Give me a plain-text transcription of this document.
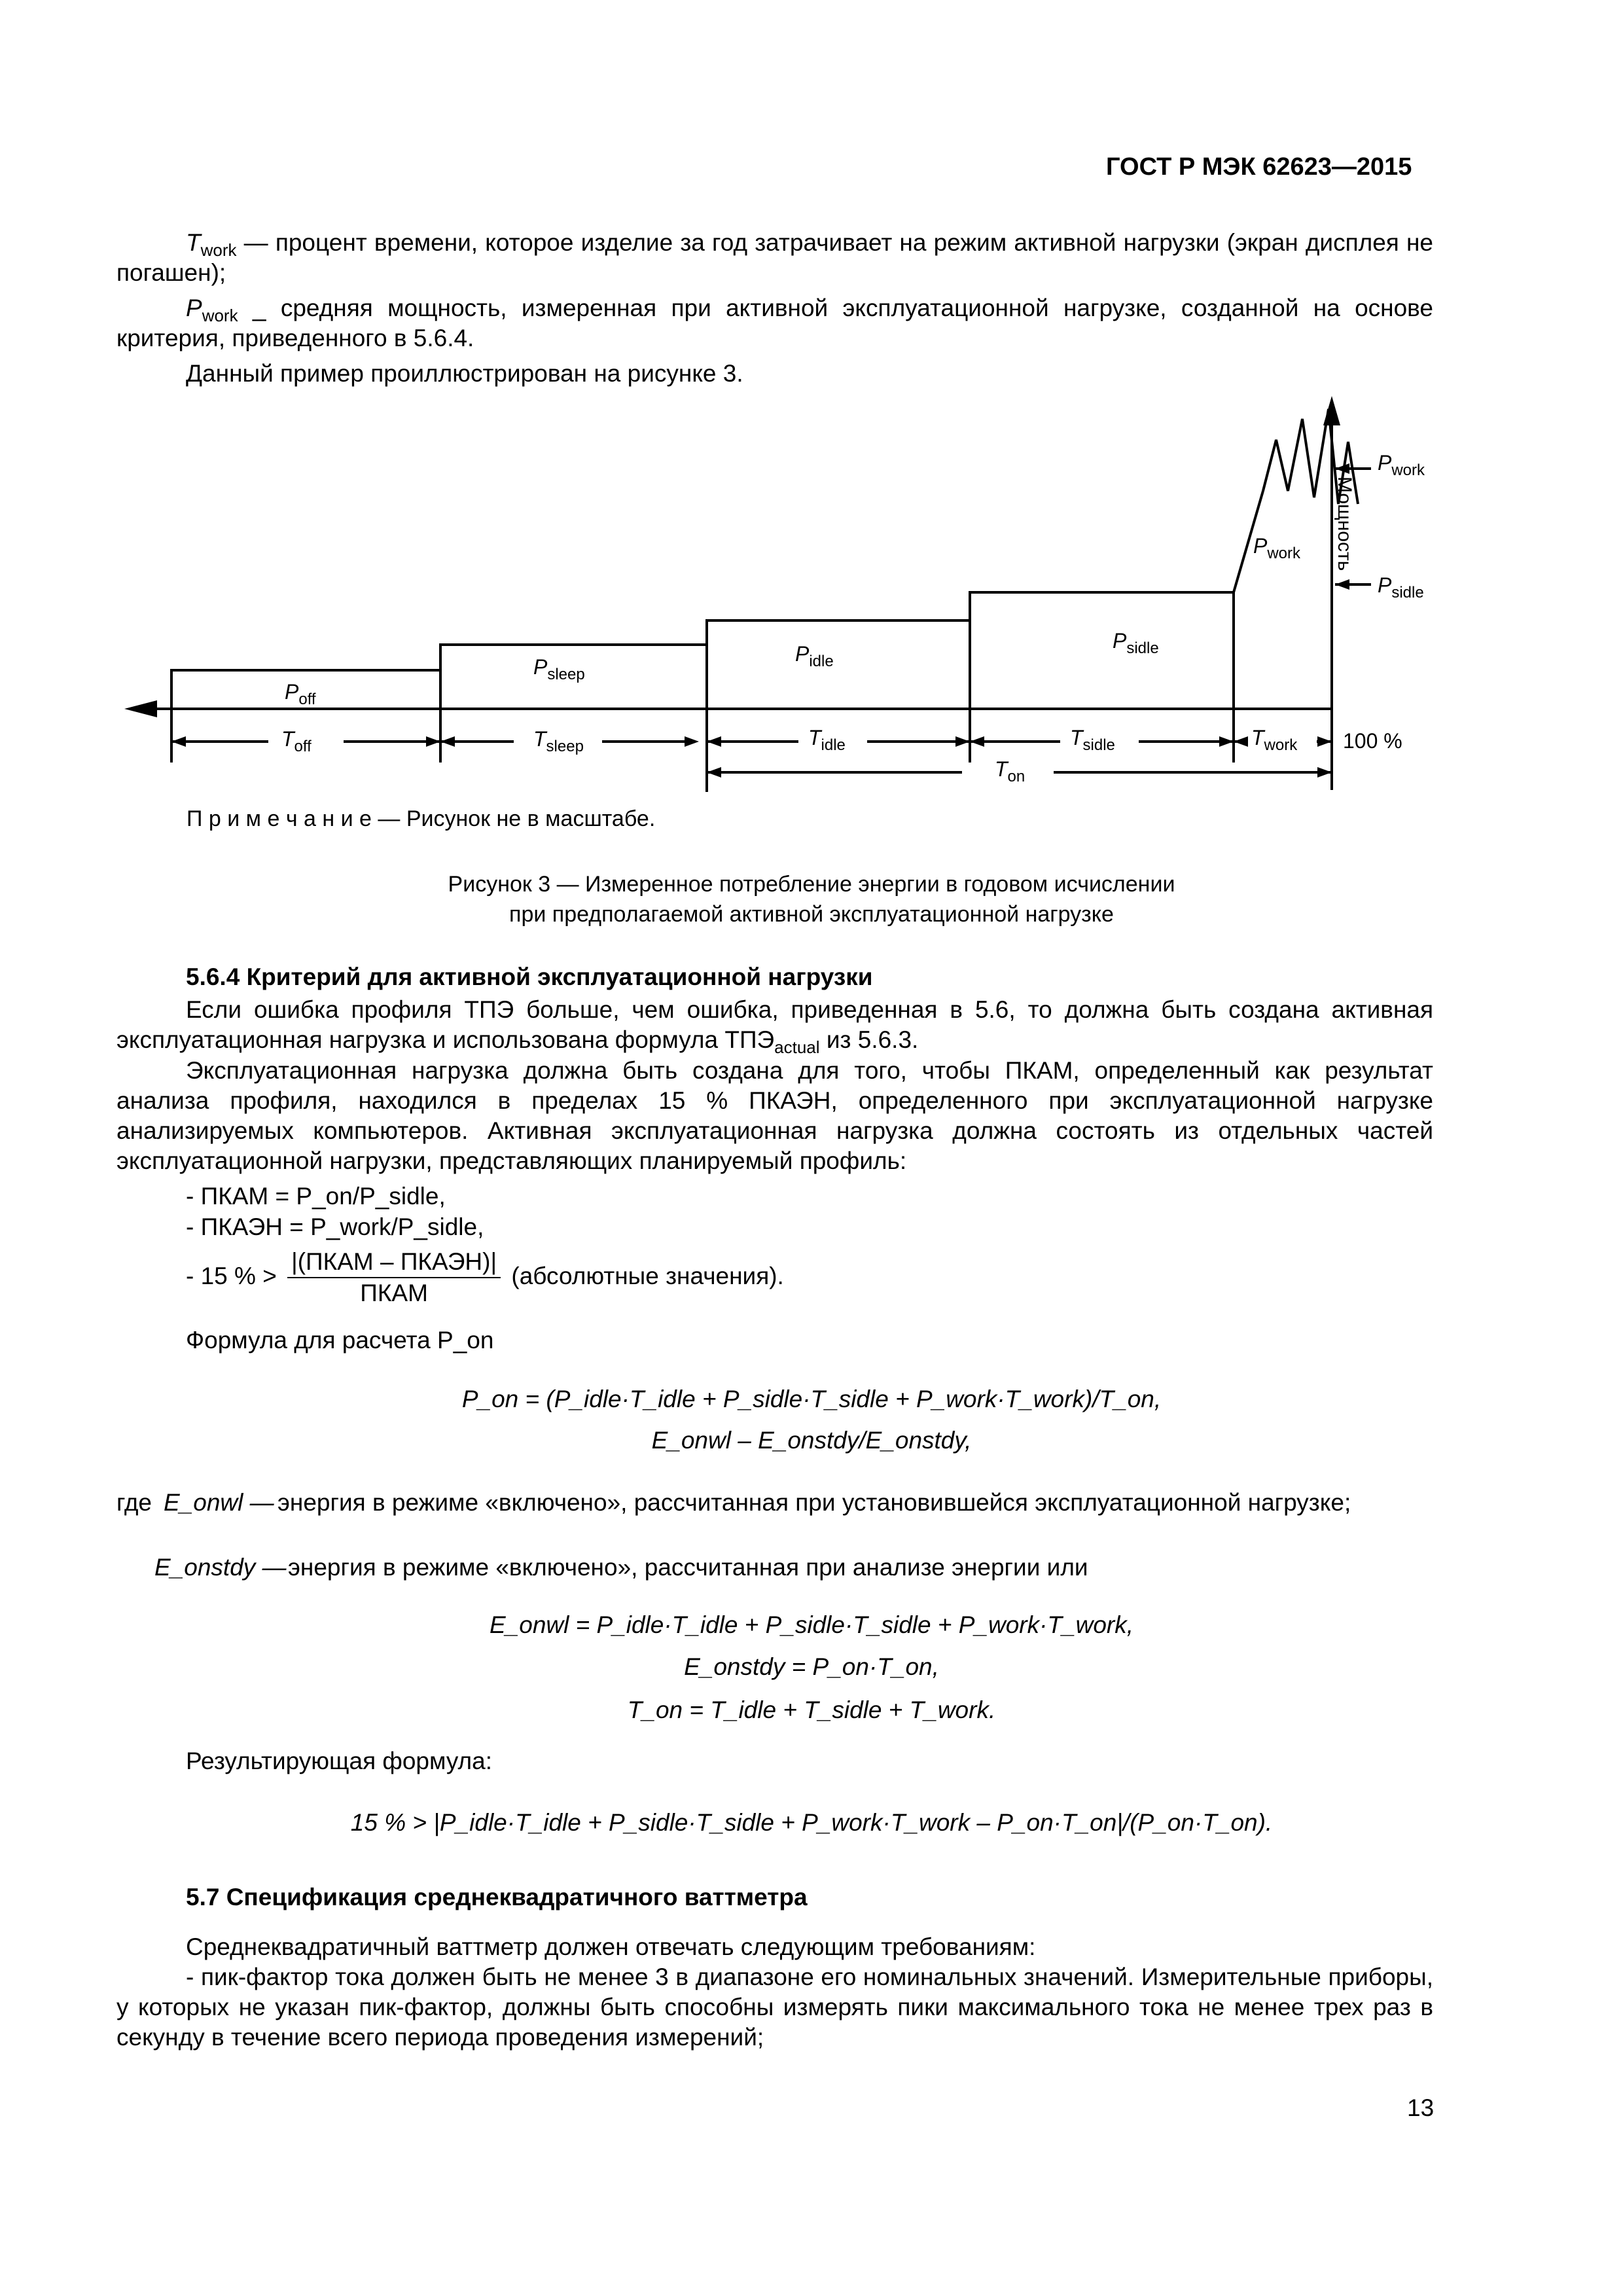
ГОСТ Р МЭК 62623—2015

$T_{work}$ — процент времени, которое изделие за год затрачивает на режим активной нагрузки (экран дисплея не погашен);

$P_{work}$ _ средняя мощность, измеренная при активной эксплуатационной нагрузке, созданной на основе критерия, приведенного в 5.6.4.

Данный пример проиллюстрирован на рисунке 3.

$P_{off}$
$P_{sleep}$
$P_{idle}$
$P_{sidle}$
$P_{work}$
$P_{work}$
$P_{sidle}$
$T_{off}$	$T_{sleep}$	$T_{idle}$	$T_{sidle}$	$T_{work}$
$T_{on}$
100 %
Мощность
П р и м е ч а н и е — Рисунок не в масштабе.
Рисунок 3 — Измеренное потребление энергии в годовом исчислении
при предполагаемой активной эксплуатационной нагрузке
5.6.4 Критерий для активной эксплуатационной нагрузки

Если ошибка профиля ТПЭ больше, чем ошибка, приведенная в 5.6, то должна быть создана активная эксплуатационная нагрузка и использована формула $ТПЭ_{actual}$ из 5.6.3.

Эксплуатационная нагрузка должна быть создана для того, чтобы ПКАМ, определенный как результат анализа профиля, находился в пределах 15 % ПКАЭН, определенного при эксплуатационной нагрузке анализируемых компьютеров. Активная эксплуатационная нагрузка должна состоять из отдельных частей эксплуатационной нагрузки, представляющих планируемый профиль:

- ПКАМ = P_on/P_sidle,
- ПКАЭН = P_work/P_sidle,
- 15 % > $\frac{\text{|(ПКАМ – ПКАЭН)|}}{\text{ПКАМ}}$ (абсолютные значения).
Формула для расчета P_on
P_on = (P_idle·T_idle + P_sidle·T_sidle + P_work·T_work)/T_on,
E_onwl – E_onstdy/E_onstdy,
где E_onwl — энергия в режиме «включено», рассчитанная при установившейся эксплуатационной нагрузке;

E_onstdy — энергия в режиме «включено», рассчитанная при анализе энергии или
E_onwl = P_idle·T_idle + P_sidle·T_sidle + P_work·T_work,
E_onstdy = P_on·T_on,
T_on = T_idle + T_sidle + T_work.
Результирующая формула:
15 % > |P_idle·T_idle + P_sidle·T_sidle + P_work·T_work – P_on·T_on|/(P_on·T_on).
5.7 Спецификация среднеквадратичного ваттметра
Среднеквадратичный ваттметр должен отвечать следующим требованиям:

- пик-фактор тока должен быть не менее 3 в диапазоне его номинальных значений. Измерительные приборы, у которых не указан пик-фактор, должны быть способны измерять пики максимального тока не менее трех раз в секунду в течение всего периода проведения измерений;

13
